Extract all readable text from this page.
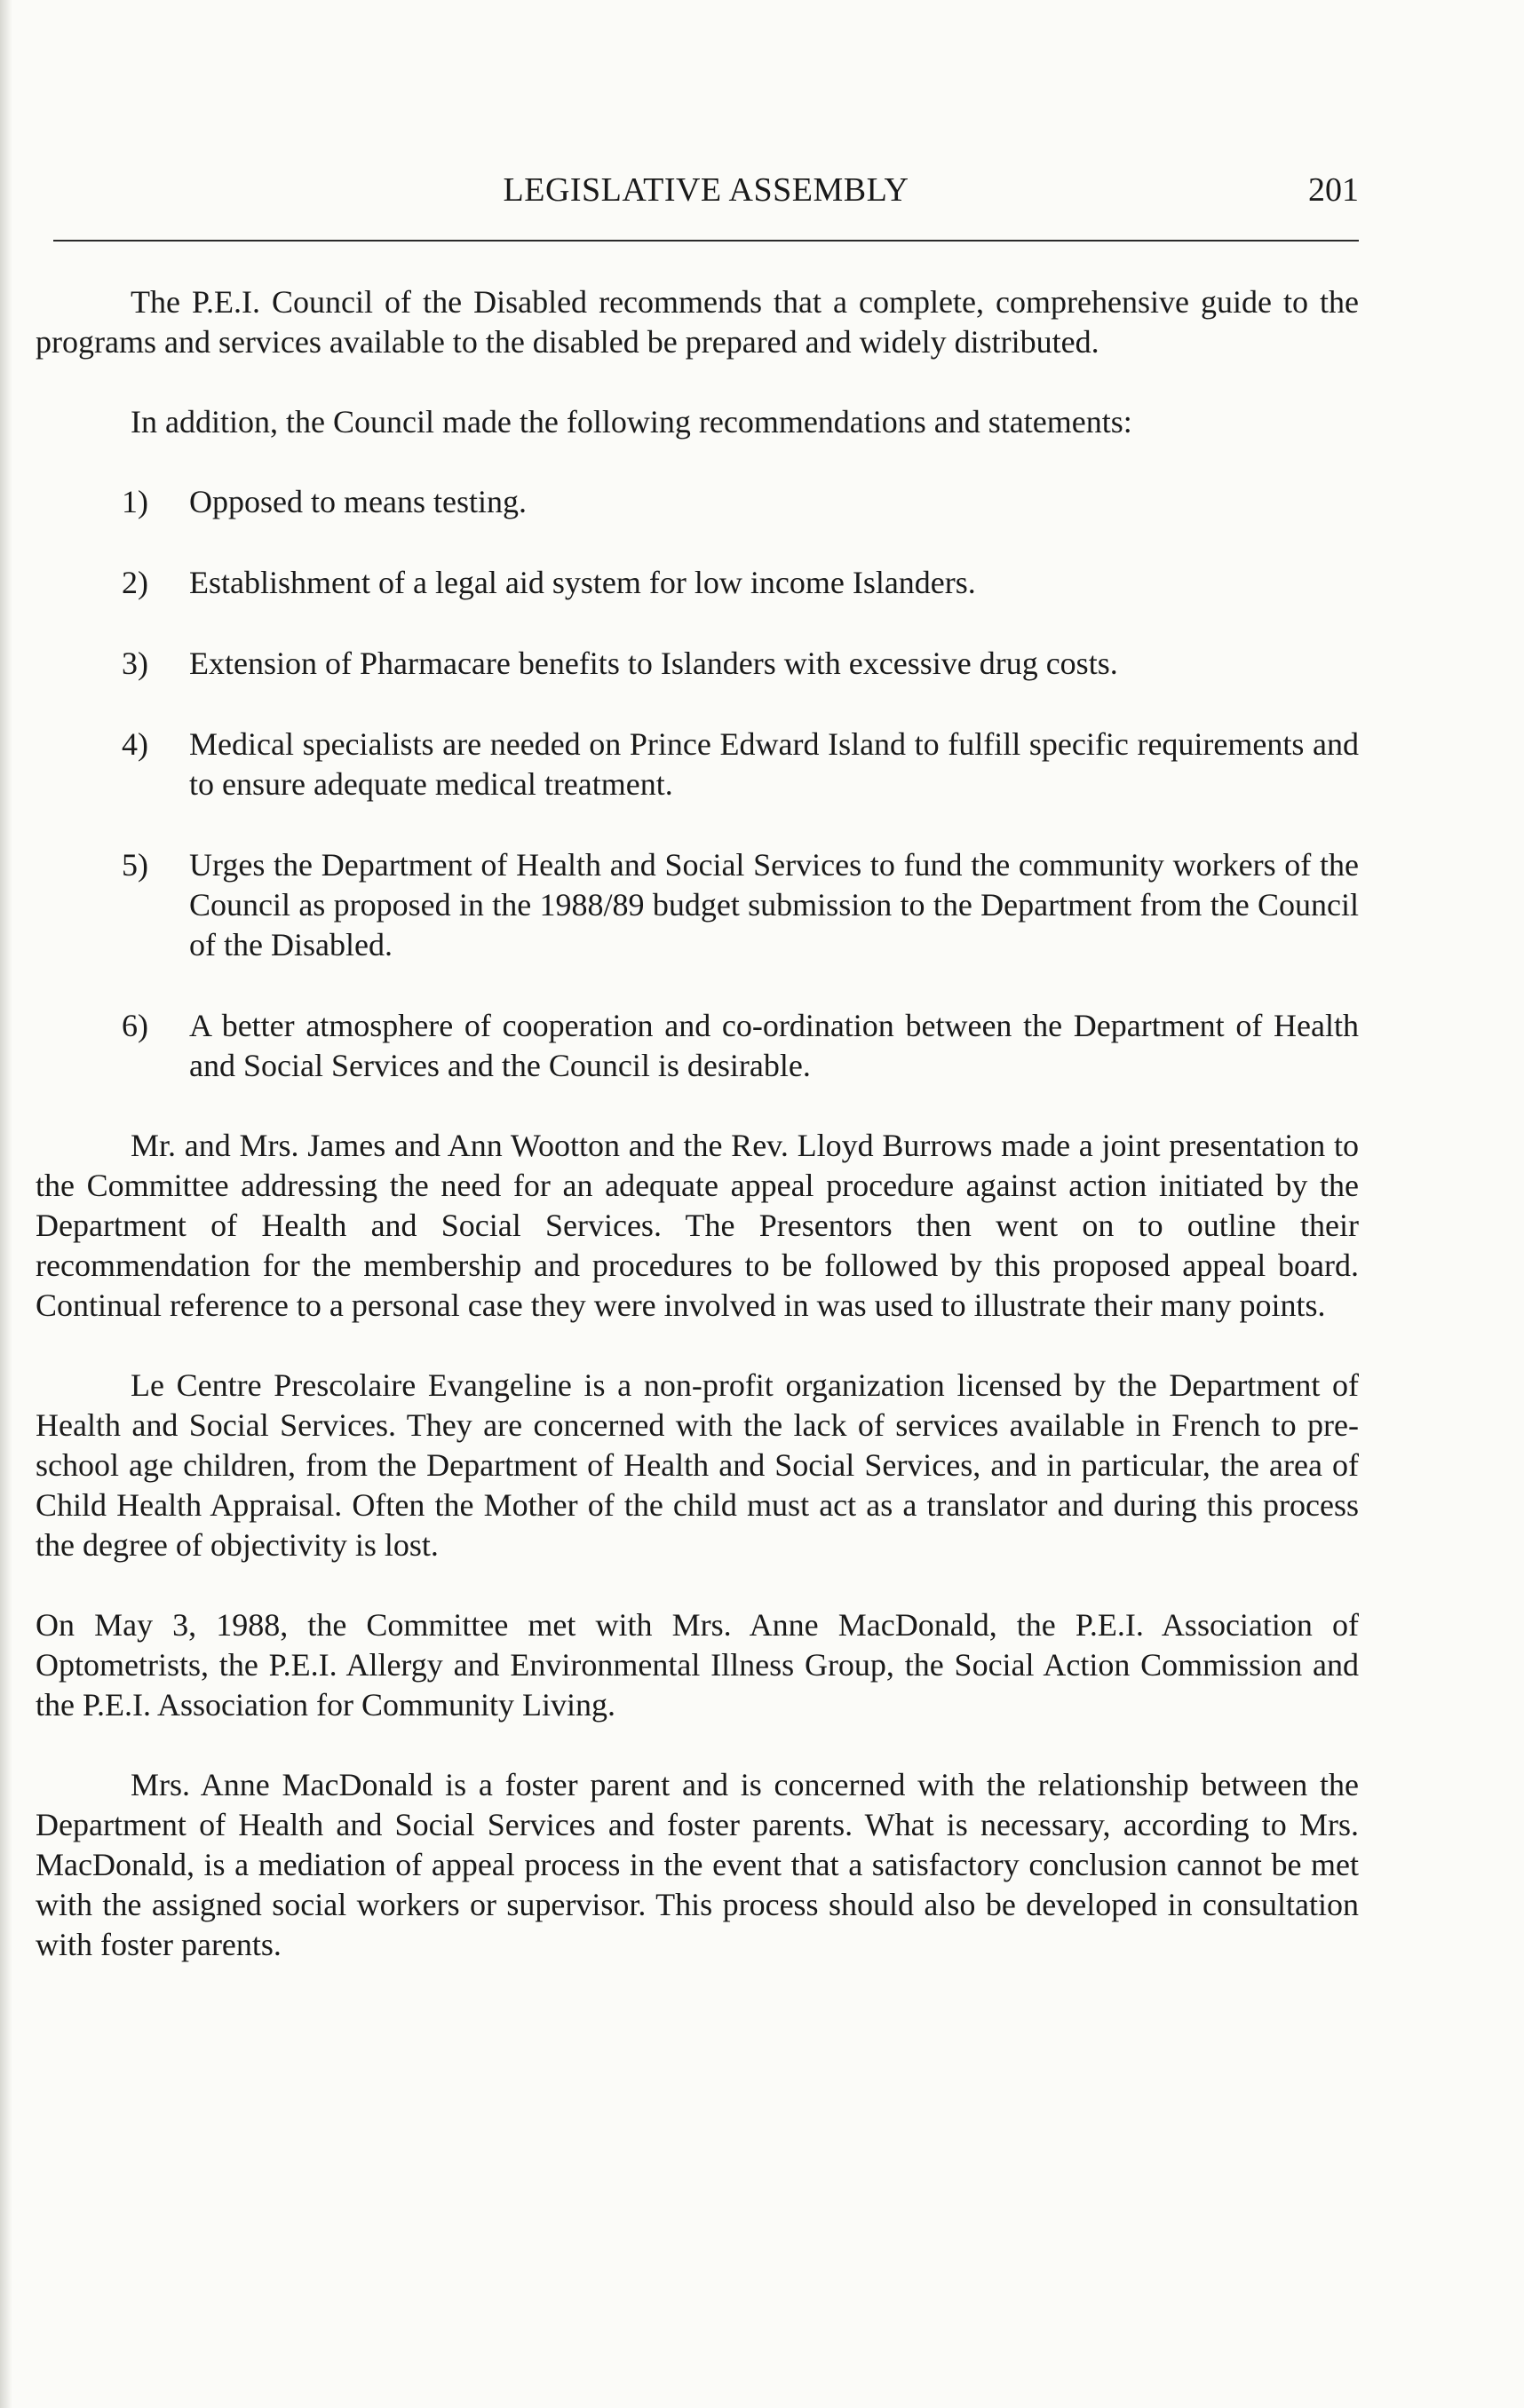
LEGISLATIVE ASSEMBLY	201

The P.E.I. Council of the Disabled recommends that a complete, comprehensive guide to the programs and services available to the disabled be prepared and widely distributed.

In addition, the Council made the following recommendations and statements:

1) Opposed to means testing.
2) Establishment of a legal aid system for low income Islanders.
3) Extension of Pharmacare benefits to Islanders with excessive drug costs.
4) Medical specialists are needed on Prince Edward Island to fulfill specific requirements and to ensure adequate medical treatment.
5) Urges the Department of Health and Social Services to fund the community workers of the Council as proposed in the 1988/89 budget submission to the Department from the Council of the Disabled.
6) A better atmosphere of cooperation and co-ordination between the Department of Health and Social Services and the Council is desirable.

Mr. and Mrs. James and Ann Wootton and the Rev. Lloyd Burrows made a joint presentation to the Committee addressing the need for an adequate appeal procedure against action initiated by the Department of Health and Social Services. The Presentors then went on to outline their recommendation for the membership and procedures to be followed by this proposed appeal board. Continual reference to a personal case they were involved in was used to illustrate their many points.

Le Centre Prescolaire Evangeline is a non-profit organization licensed by the Department of Health and Social Services. They are concerned with the lack of services available in French to pre-school age children, from the Department of Health and Social Services, and in particular, the area of Child Health Appraisal. Often the Mother of the child must act as a translator and during this process the degree of objectivity is lost.

On May 3, 1988, the Committee met with Mrs. Anne MacDonald, the P.E.I. Association of Optometrists, the P.E.I. Allergy and Environmental Illness Group, the Social Action Commission and the P.E.I. Association for Community Living.

Mrs. Anne MacDonald is a foster parent and is concerned with the relationship between the Department of Health and Social Services and foster parents. What is necessary, according to Mrs. MacDonald, is a mediation of appeal process in the event that a satisfactory conclusion cannot be met with the assigned social workers or supervisor. This process should also be developed in consultation with foster parents.
